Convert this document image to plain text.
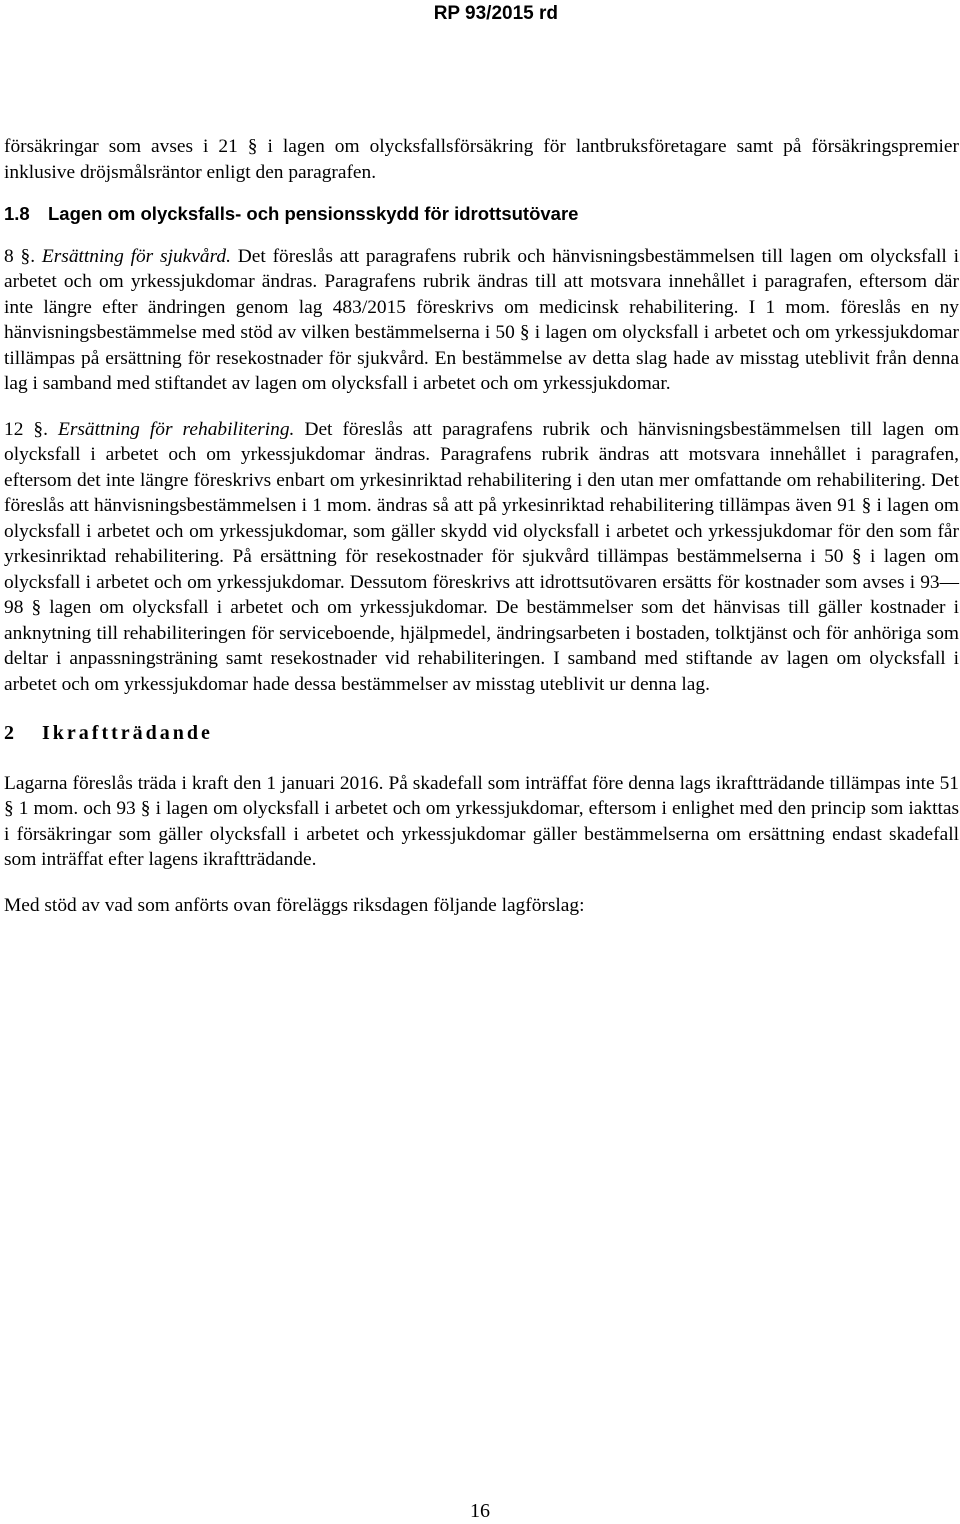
RP 93/2015 rd

försäkringar som avses i 21 § i lagen om olycksfallsförsäkring för lantbruksföretagare samt på försäkringspremier inklusive dröjsmålsräntor enligt den paragrafen.

1.8 Lagen om olycksfalls- och pensionsskydd för idrottsutövare

8 §. Ersättning för sjukvård. Det föreslås att paragrafens rubrik och hänvisningsbestämmelsen till lagen om olycksfall i arbetet och om yrkessjukdomar ändras. Paragrafens rubrik ändras till att motsvara innehållet i paragrafen, eftersom där inte längre efter ändringen genom lag 483/2015 föreskrivs om medicinsk rehabilitering. I 1 mom. föreslås en ny hänvisningsbestämmelse med stöd av vilken bestämmelserna i 50 § i lagen om olycksfall i arbetet och om yrkessjukdomar tillämpas på ersättning för resekostnader för sjukvård. En bestämmelse av detta slag hade av misstag uteblivit från denna lag i samband med stiftandet av lagen om olycksfall i arbetet och om yrkessjukdomar.

12 §. Ersättning för rehabilitering. Det föreslås att paragrafens rubrik och hänvisningsbestämmelsen till lagen om olycksfall i arbetet och om yrkessjukdomar ändras. Paragrafens rubrik ändras att motsvara innehållet i paragrafen, eftersom det inte längre föreskrivs enbart om yrkesinriktad rehabilitering i den utan mer omfattande om rehabilitering. Det föreslås att hänvisningsbestämmelsen i 1 mom. ändras så att på yrkesinriktad rehabilitering tillämpas även 91 § i lagen om olycksfall i arbetet och om yrkessjukdomar, som gäller skydd vid olycksfall i arbetet och yrkessjukdomar för den som får yrkesinriktad rehabilitering. På ersättning för resekostnader för sjukvård tillämpas bestämmelserna i 50 § i lagen om olycksfall i arbetet och om yrkessjukdomar. Dessutom föreskrivs att idrottsutövaren ersätts för kostnader som avses i 93—98 § lagen om olycksfall i arbetet och om yrkessjukdomar. De bestämmelser som det hänvisas till gäller kostnader i anknytning till rehabiliteringen för serviceboende, hjälpmedel, ändringsarbeten i bostaden, tolktjänst och för anhöriga som deltar i anpassningsträning samt resekostnader vid rehabiliteringen. I samband med stiftande av lagen om olycksfall i arbetet och om yrkessjukdomar hade dessa bestämmelser av misstag uteblivit ur denna lag.

2 Ikraftträdande

Lagarna föreslås träda i kraft den 1 januari 2016. På skadefall som inträffat före denna lags ikraftträdande tillämpas inte 51 § 1 mom. och 93 § i lagen om olycksfall i arbetet och om yrkessjukdomar, eftersom i enlighet med den princip som iakttas i försäkringar som gäller olycksfall i arbetet och yrkessjukdomar gäller bestämmelserna om ersättning endast skadefall som inträffat efter lagens ikraftträdande.

Med stöd av vad som anförts ovan föreläggs riksdagen följande lagförslag:

16
